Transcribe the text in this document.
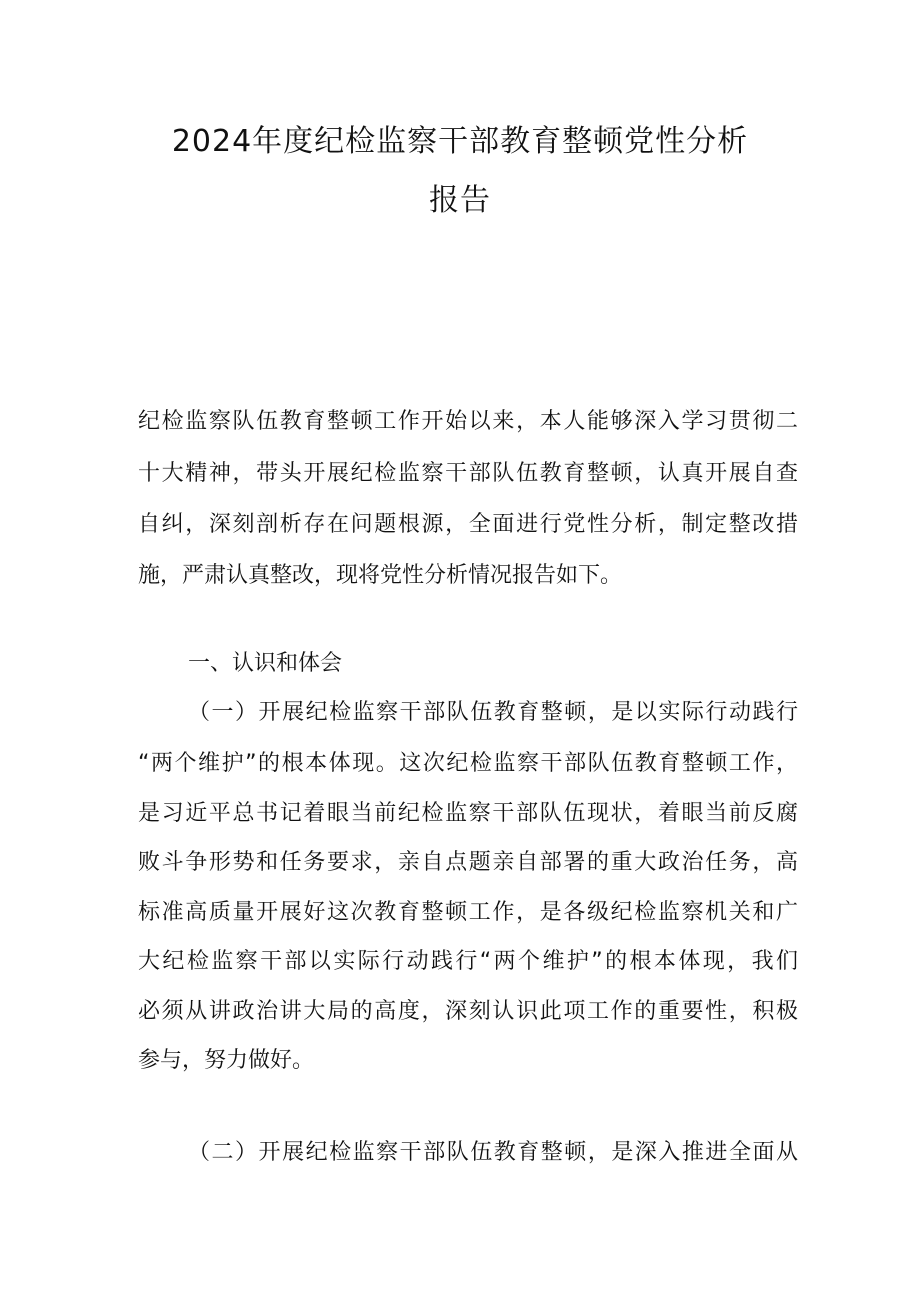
2024年度纪检监察干部教育整顿党性分析
报告
纪检监察队伍教育整顿工作开始以来，本人能够深入学习贯彻二
十大精神，带头开展纪检监察干部队伍教育整顿，认真开展自查
自纠，深刻剖析存在问题根源，全面进行党性分析，制定整改措
施，严肃认真整改，现将党性分析情况报告如下。
一、认识和体会
（一）开展纪检监察干部队伍教育整顿，是以实际行动践行
“两个维护”的根本体现。这次纪检监察干部队伍教育整顿工作，
是习近平总书记着眼当前纪检监察干部队伍现状，着眼当前反腐
败斗争形势和任务要求，亲自点题亲自部署的重大政治任务，高
标准高质量开展好这次教育整顿工作，是各级纪检监察机关和广
大纪检监察干部以实际行动践行“两个维护”的根本体现，我们
必须从讲政治讲大局的高度，深刻认识此项工作的重要性，积极
参与，努力做好。
（二）开展纪检监察干部队伍教育整顿，是深入推进全面从
